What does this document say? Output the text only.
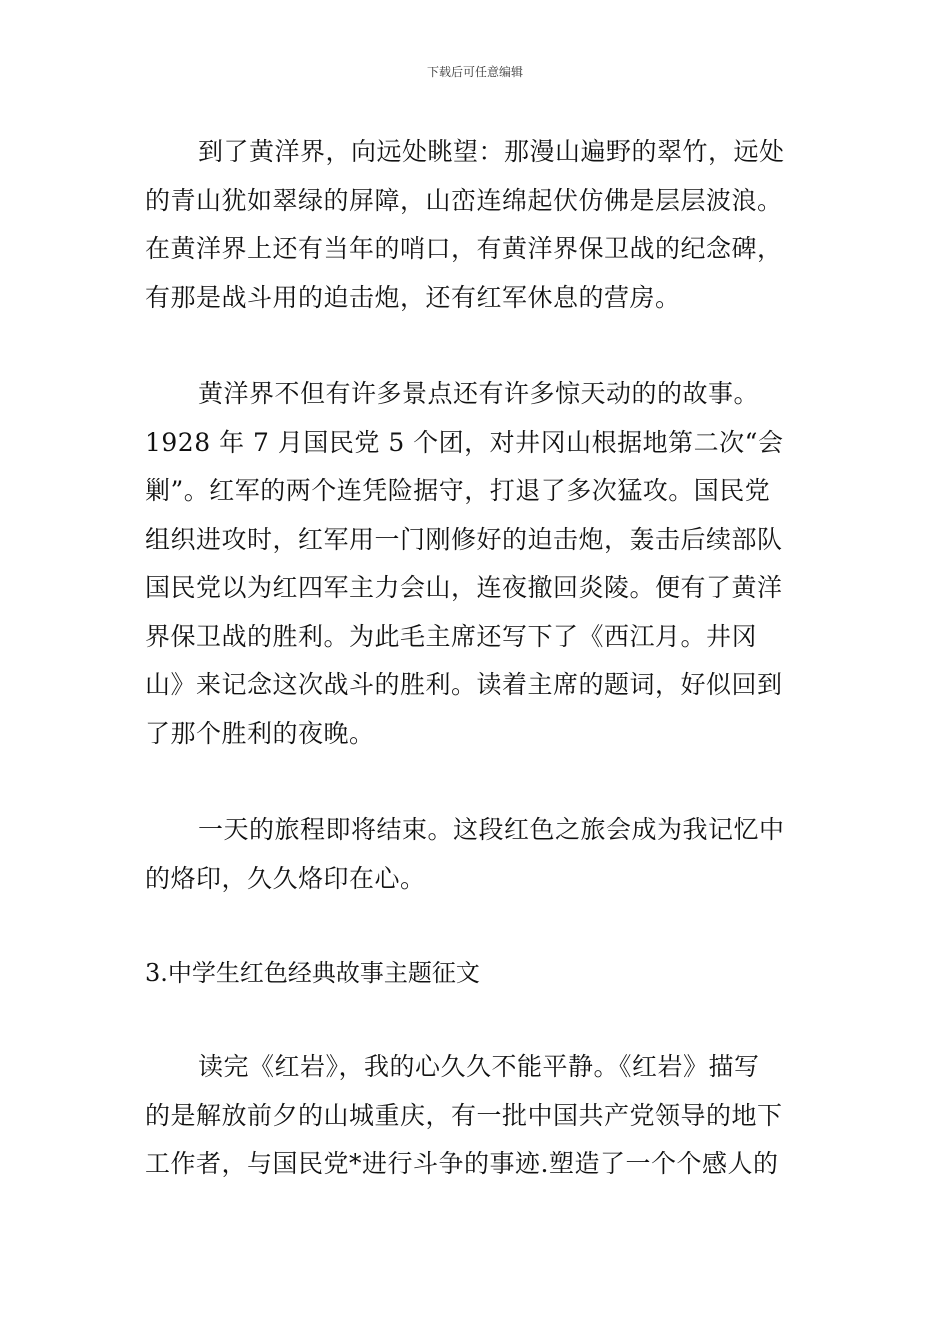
下载后可任意编辑

到了黄洋界，向远处眺望：那漫山遍野的翠竹，远处
的青山犹如翠绿的屏障，山峦连绵起伏仿佛是层层波浪。
在黄洋界上还有当年的哨口，有黄洋界保卫战的纪念碑，
有那是战斗用的迫击炮，还有红军休息的营房。

黄洋界不但有许多景点还有许多惊天动的的故事。
1928 年 7 月国民党 5 个团，对井冈山根据地第二次“会
剿”。红军的两个连凭险据守，打退了多次猛攻。国民党
组织进攻时，红军用一门刚修好的迫击炮，轰击后续部队
国民党以为红四军主力会山，连夜撤回炎陵。便有了黄洋
界保卫战的胜利。为此毛主席还写下了《西江月。井冈
山》来记念这次战斗的胜利。读着主席的题词，好似回到
了那个胜利的夜晚。

一天的旅程即将结束。这段红色之旅会成为我记忆中
的烙印，久久烙印在心。

3.中学生红色经典故事主题征文

读完《红岩》，我的心久久不能平静。《红岩》描写
的是解放前夕的山城重庆，有一批中国共产党领导的地下
工作者，与国民党*进行斗争的事迹.塑造了一个个感人的
